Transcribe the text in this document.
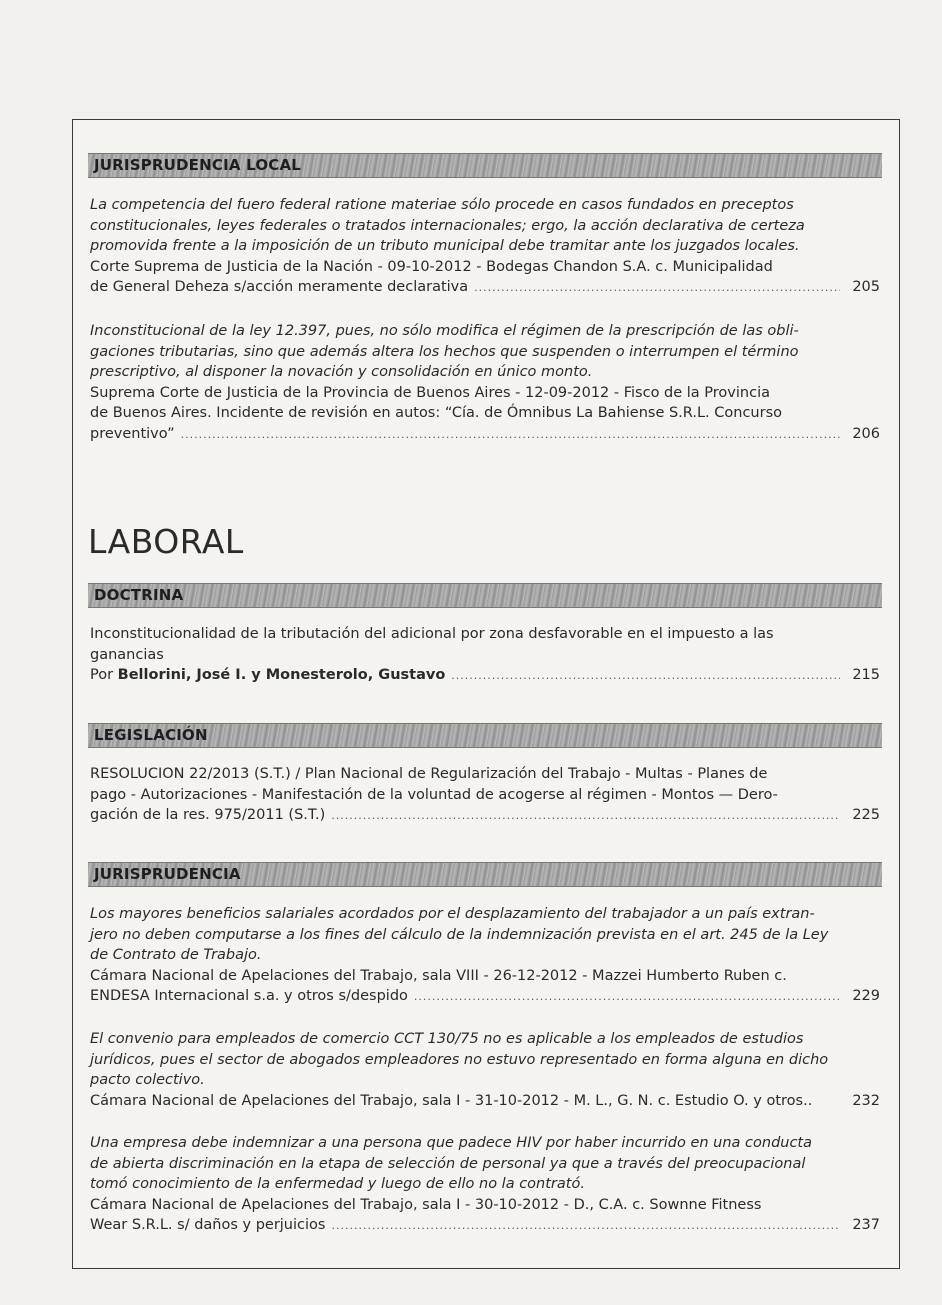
JURISPRUDENCIA LOCAL
La competencia del fuero federal ratione materiae sólo procede en casos fundados en preceptos
constitucionales, leyes federales o tratados internacionales; ergo, la acción declarativa de certeza
promovida frente a la imposición de un tributo municipal debe tramitar ante los juzgados locales.
Corte Suprema de Justicia de la Nación - 09-10-2012 - Bodegas Chandon S.A. c. Municipalidad
de General Deheza s/acción meramente declarativa .....	205
Inconstitucional de la ley 12.397, pues, no sólo modifica el régimen de la prescripción de las obli-
gaciones tributarias, sino que además altera los hechos que suspenden o interrumpen el término
prescriptivo, al disponer la novación y consolidación en único monto.
Suprema Corte de Justicia de la Provincia de Buenos Aires - 12-09-2012 - Fisco de la Provincia
de Buenos Aires. Incidente de revisión en autos: “Cía. de Ómnibus La Bahiense S.R.L. Concurso
preventivo” .....	206
LABORAL
DOCTRINA
Inconstitucionalidad de la tributación del adicional por zona desfavorable en el impuesto a las
ganancias
Por Bellorini, José I. y Monesterolo, Gustavo .....	215
LEGISLACIÓN
RESOLUCION 22/2013 (S.T.) / Plan Nacional de Regularización del Trabajo - Multas - Planes de
pago - Autorizaciones - Manifestación de la voluntad de acogerse al régimen - Montos — Dero-
gación de la res. 975/2011 (S.T.) .....	225
JURISPRUDENCIA
Los mayores beneficios salariales acordados por el desplazamiento del trabajador a un país extran-
jero no deben computarse a los fines del cálculo de la indemnización prevista en el art. 245 de la Ley
de Contrato de Trabajo.
Cámara Nacional de Apelaciones del Trabajo, sala VIII - 26-12-2012 - Mazzei Humberto Ruben c.
ENDESA Internacional s.a. y otros s/despido .....	229
El convenio para empleados de comercio CCT 130/75 no es aplicable a los empleados de estudios
jurídicos, pues el sector de abogados empleadores no estuvo representado en forma alguna en dicho
pacto colectivo.
Cámara Nacional de Apelaciones del Trabajo, sala I - 31-10-2012 - M. L., G. N. c. Estudio O. y otros..	232
Una empresa debe indemnizar a una persona que padece HIV por haber incurrido en una conducta
de abierta discriminación en la etapa de selección de personal ya que a través del preocupacional
tomó conocimiento de la enfermedad y luego de ello no la contrató.
Cámara Nacional de Apelaciones del Trabajo, sala I - 30-10-2012 - D., C.A. c. Sownne Fitness
Wear S.R.L. s/ daños y perjuicios .....	237
